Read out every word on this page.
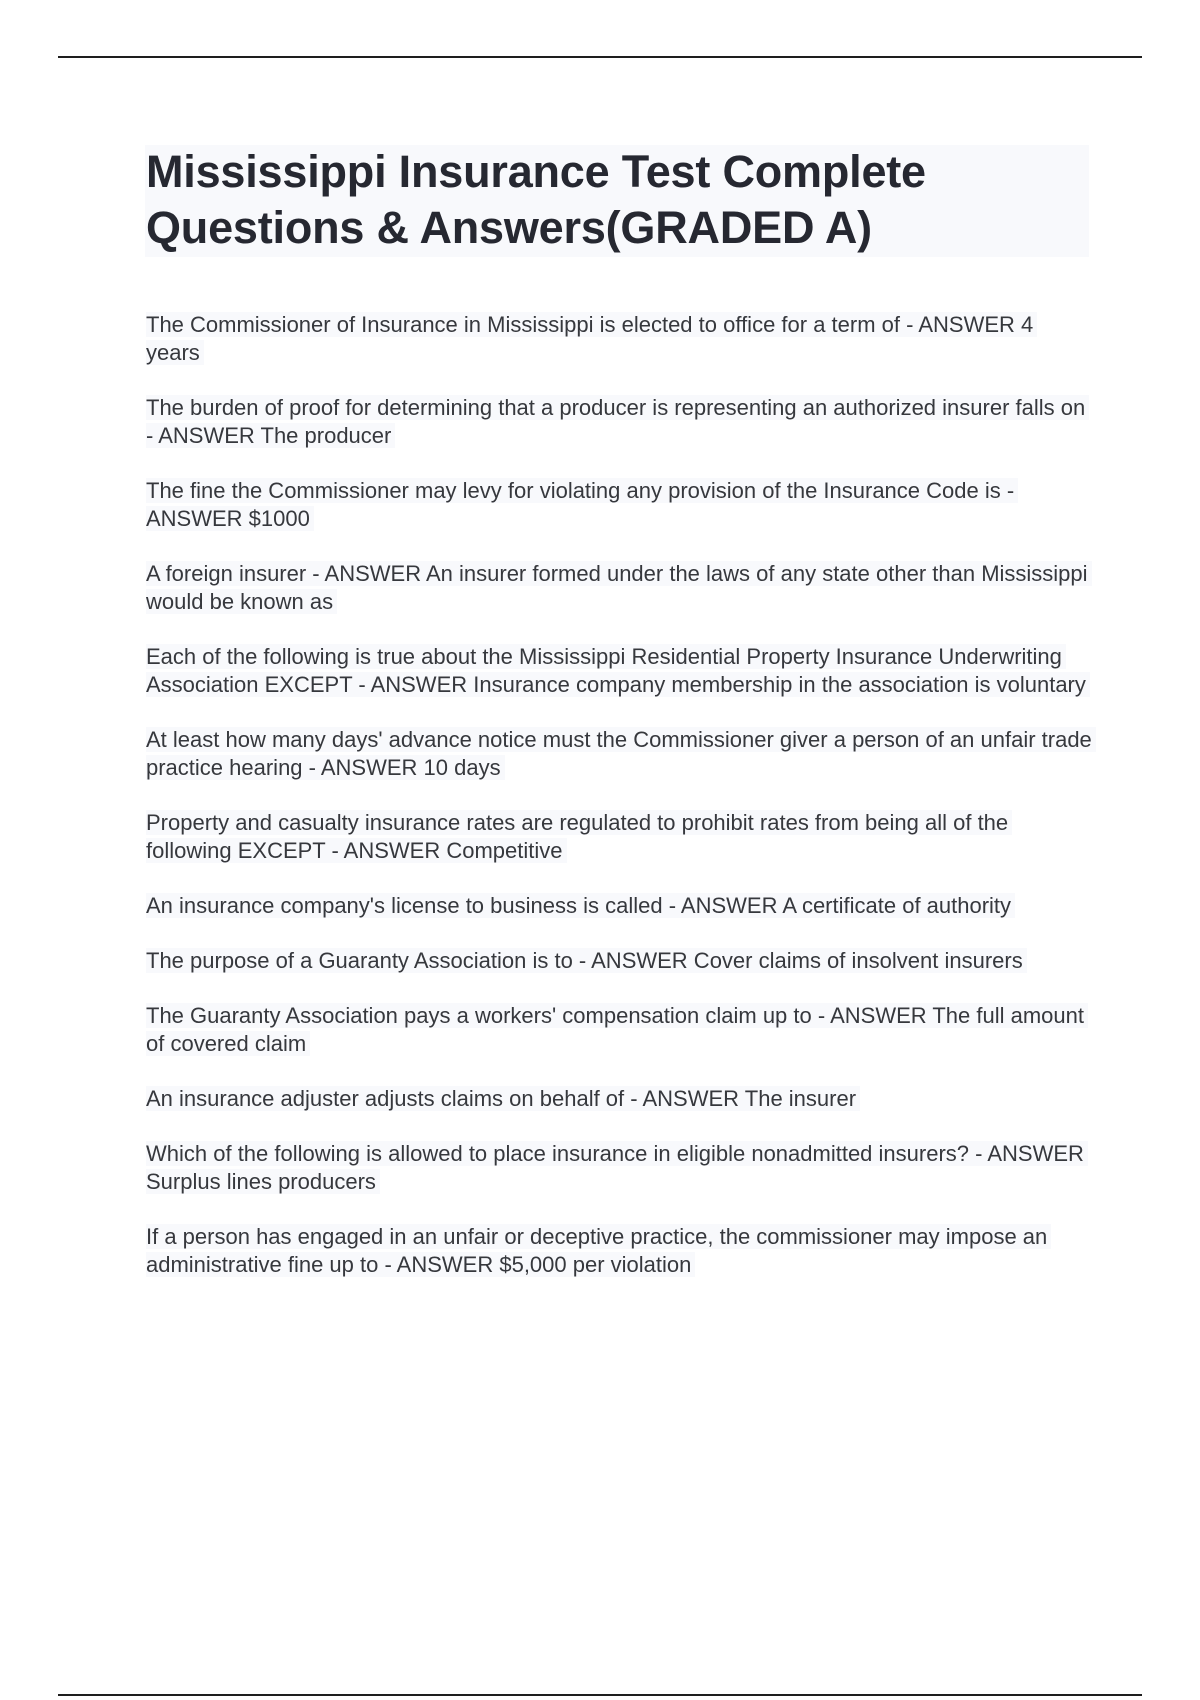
Mississippi Insurance Test Complete Questions & Answers(GRADED A)

The Commissioner of Insurance in Mississippi is elected to office for a term of - ANSWER 4 years

The burden of proof for determining that a producer is representing an authorized insurer falls on - ANSWER The producer

The fine the Commissioner may levy for violating any provision of the Insurance Code is - ANSWER $1000

A foreign insurer - ANSWER An insurer formed under the laws of any state other than Mississippi would be known as

Each of the following is true about the Mississippi Residential Property Insurance Underwriting Association EXCEPT - ANSWER Insurance company membership in the association is voluntary

At least how many days' advance notice must the Commissioner giver a person of an unfair trade practice hearing - ANSWER 10 days

Property and casualty insurance rates are regulated to prohibit rates from being all of the following EXCEPT - ANSWER Competitive

An insurance company's license to business is called - ANSWER A certificate of authority

The purpose of a Guaranty Association is to - ANSWER Cover claims of insolvent insurers

The Guaranty Association pays a workers' compensation claim up to - ANSWER The full amount of covered claim

An insurance adjuster adjusts claims on behalf of - ANSWER The insurer

Which of the following is allowed to place insurance in eligible nonadmitted insurers? - ANSWER Surplus lines producers

If a person has engaged in an unfair or deceptive practice, the commissioner may impose an administrative fine up to - ANSWER $5,000 per violation
